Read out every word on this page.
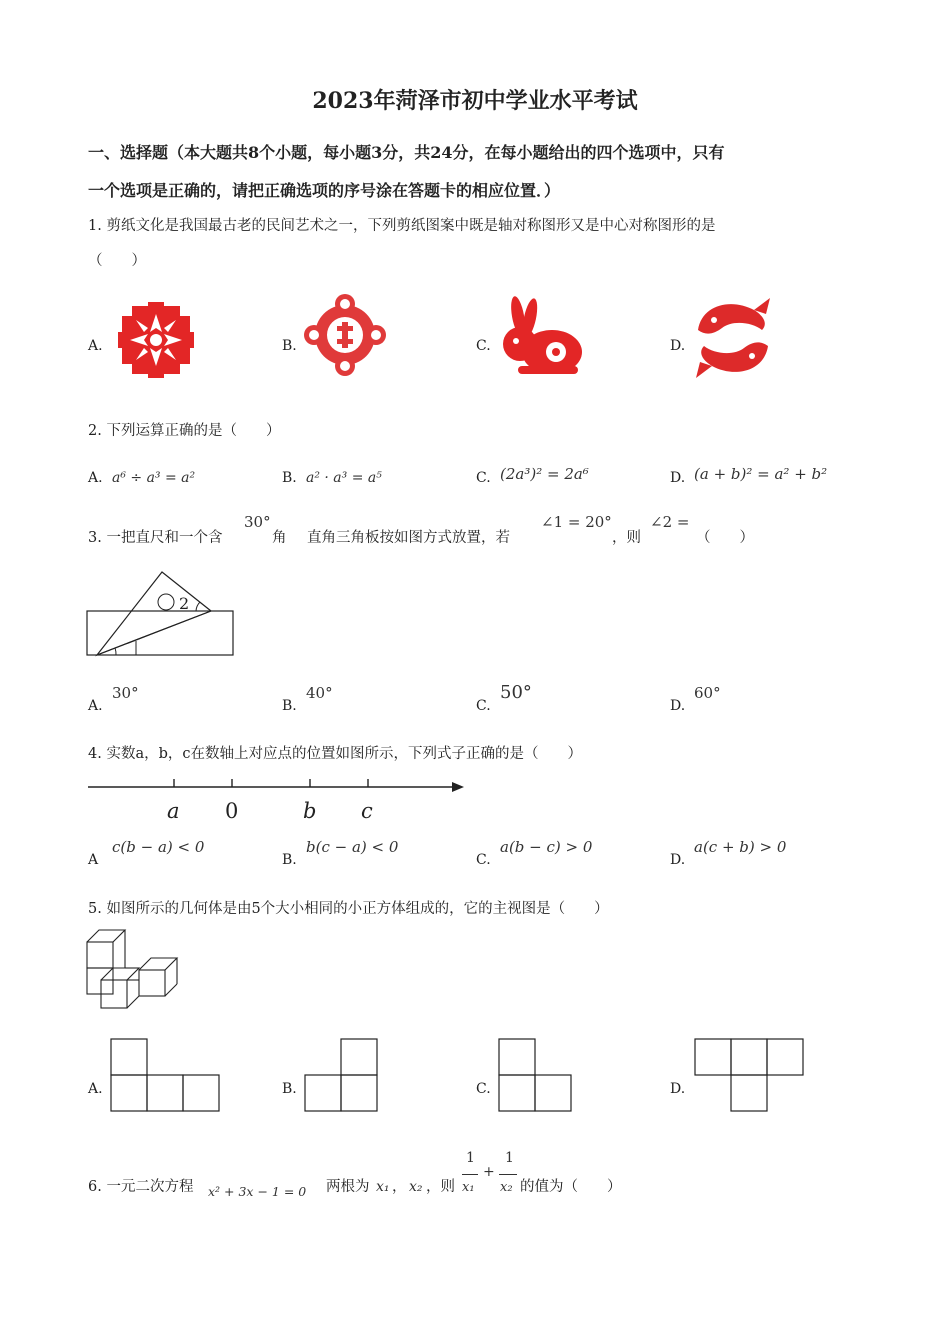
2023年菏泽市初中学业水平考试
一、选择题（本大题共8个小题，每小题3分，共24分，在每小题给出的四个选项中，只有
一个选项是正确的，请把正确选项的序号涂在答题卡的相应位置．）
1. 剪纸文化是我国最古老的民间艺术之一，下列剪纸图案中既是轴对称图形又是中心对称图形的是
（　　）
A.	B.	C.	D.
2. 下列运算正确的是（　　）
A. a⁶ ÷ a³ = a²	B. a² · a³ = a⁵	C. (2a³)² = 2a⁶	D. (a + b)² = a² + b²
3. 一把直尺和一个含
30°
角	直角三角板按如图方式放置，若
∠1 = 20°
，则
∠2 =
（　　）
2
A.
30°
B.
40°
C.
50°
D.
60°
4. 实数a，b，c在数轴上对应点的位置如图所示，下列式子正确的是（　　）
a 0	b c
A
c(b − a) < 0
B.
b(c − a) < 0
C.
a(b − c) > 0
D.
a(c + b) > 0
5. 如图所示的几何体是由5个大小相同的小正方体组成的，它的主视图是（　　）
A.	B.	C.	D.
6. 一元二次方程	x² + 3x − 1 = 0 两根为 x₁ ， x₂ ，则
1
x₁
+
1
x₂ 的值为（　　）
